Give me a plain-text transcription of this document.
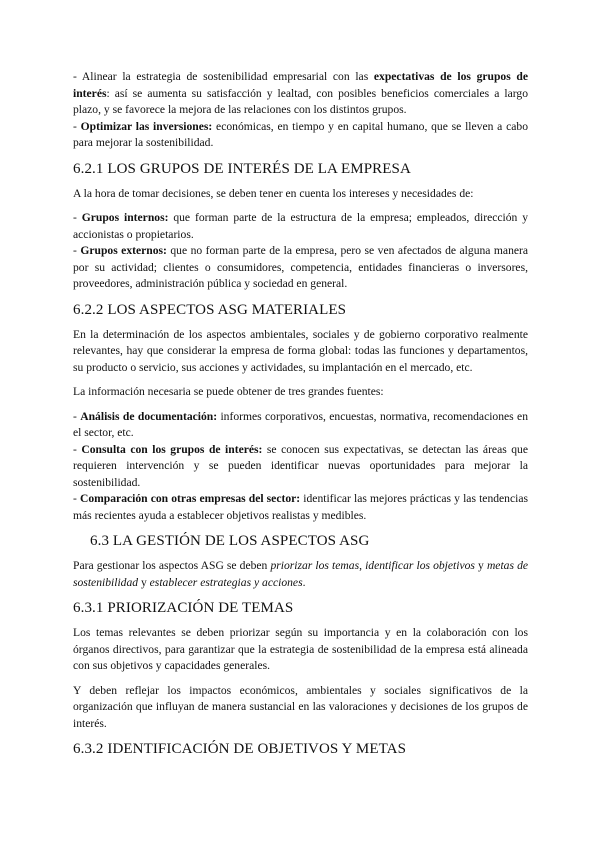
- Alinear la estrategia de sostenibilidad empresarial con las expectativas de los grupos de interés: así se aumenta su satisfacción y lealtad, con posibles beneficios comerciales a largo plazo, y se favorece la mejora de las relaciones con los distintos grupos.

- Optimizar las inversiones: económicas, en tiempo y en capital humano, que se lleven a cabo para mejorar la sostenibilidad.

6.2.1 LOS GRUPOS DE INTERÉS DE LA EMPRESA

A la hora de tomar decisiones, se deben tener en cuenta los intereses y necesidades de:

- Grupos internos: que forman parte de la estructura de la empresa; empleados, dirección y accionistas o propietarios.

- Grupos externos: que no forman parte de la empresa, pero se ven afectados de alguna manera por su actividad; clientes o consumidores, competencia, entidades financieras o inversores, proveedores, administración pública y sociedad en general.

6.2.2 LOS ASPECTOS ASG MATERIALES

En la determinación de los aspectos ambientales, sociales y de gobierno corporativo realmente relevantes, hay que considerar la empresa de forma global: todas las funciones y departamentos, su producto o servicio, sus acciones y actividades, su implantación en el mercado, etc.

La información necesaria se puede obtener de tres grandes fuentes:

- Análisis de documentación: informes corporativos, encuestas, normativa, recomendaciones en el sector, etc.

- Consulta con los grupos de interés: se conocen sus expectativas, se detectan las áreas que requieren intervención y se pueden identificar nuevas oportunidades para mejorar la sostenibilidad.

- Comparación con otras empresas del sector: identificar las mejores prácticas y las tendencias más recientes ayuda a establecer objetivos realistas y medibles.

6.3 LA GESTIÓN DE LOS ASPECTOS ASG

Para gestionar los aspectos ASG se deben priorizar los temas, identificar los objetivos y metas de sostenibilidad y establecer estrategias y acciones.

6.3.1 PRIORIZACIÓN DE TEMAS

Los temas relevantes se deben priorizar según su importancia y en la colaboración con los órganos directivos, para garantizar que la estrategia de sostenibilidad de la empresa está alineada con sus objetivos y capacidades generales.

Y deben reflejar los impactos económicos, ambientales y sociales significativos de la organización que influyan de manera sustancial en las valoraciones y decisiones de los grupos de interés.

6.3.2 IDENTIFICACIÓN DE OBJETIVOS Y METAS
